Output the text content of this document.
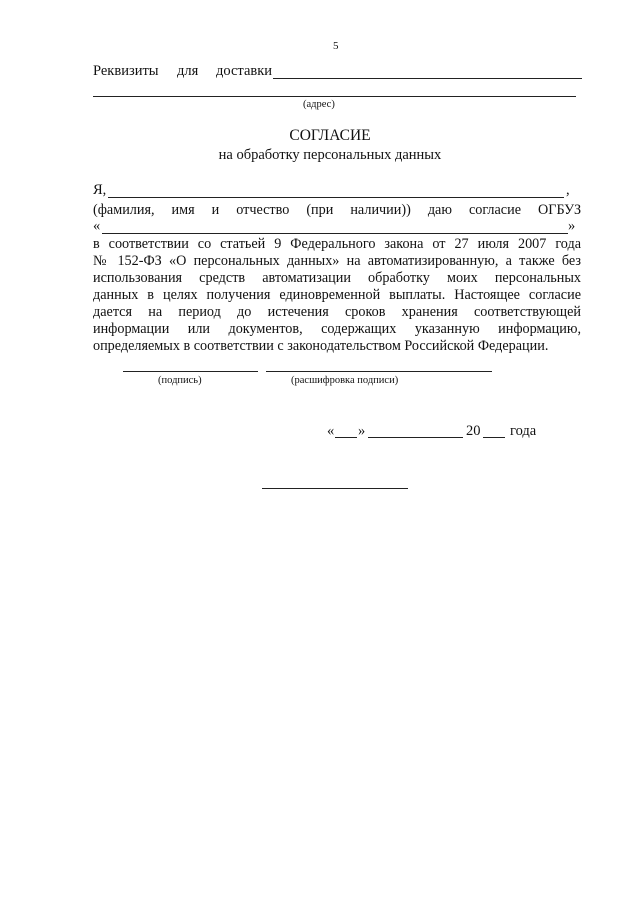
5
Реквизиты для доставки
(адрес)
СОГЛАСИЕ
на обработку персональных данных
Я,	,
(фамилия, имя и отчество (при наличии)) даю согласие ОГБУЗ
«	»
в соответствии со статьей 9 Федерального закона от 27 июля 2007 года
№ 152-ФЗ «О персональных данных» на автоматизированную, а также без
использования средств автоматизации обработку моих персональных
данных в целях получения единовременной выплаты. Настоящее согласие
дается на период до истечения сроков хранения соответствующей
информации или документов, содержащих указанную информацию,
определяемых в соответствии с законодательством Российской Федерации.
(подпись)	(расшифровка подписи)
« »	20 года
